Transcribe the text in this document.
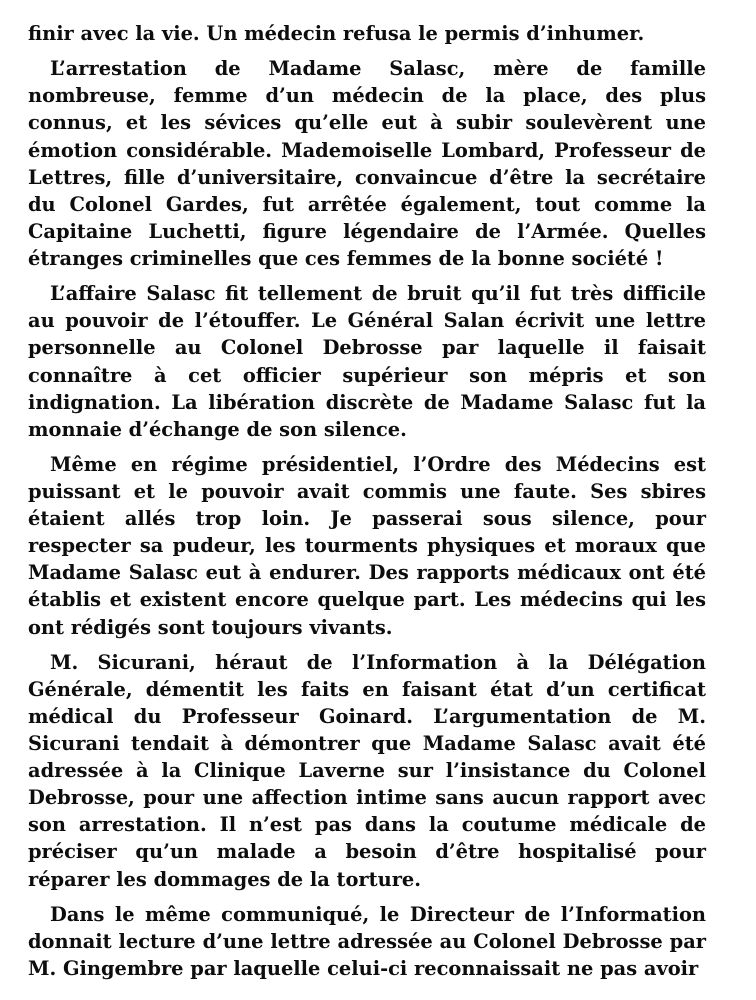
finir avec la vie. Un médecin refusa le permis d’inhumer.

L’arrestation de Madame Salasc, mère de famille nombreuse, femme d’un médecin de la place, des plus connus, et les sévices qu’elle eut à subir soulevèrent une émotion considérable. Mademoiselle Lombard, Professeur de Lettres, fille d’universitaire, convaincue d’être la secrétaire du Colonel Gardes, fut arrêtée également, tout comme la Capitaine Luchetti, figure légendaire de l’Armée. Quelles étranges criminelles que ces femmes de la bonne société !

L’affaire Salasc fit tellement de bruit qu’il fut très difficile au pouvoir de l’étouffer. Le Général Salan écrivit une lettre personnelle au Colonel Debrosse par laquelle il faisait connaître à cet officier supérieur son mépris et son indignation. La libération discrète de Madame Salasc fut la monnaie d’échange de son silence.

Même en régime présidentiel, l’Ordre des Médecins est puissant et le pouvoir avait commis une faute. Ses sbires étaient allés trop loin. Je passerai sous silence, pour respecter sa pudeur, les tourments physiques et moraux que Madame Salasc eut à endurer. Des rapports médicaux ont été établis et existent encore quelque part. Les médecins qui les ont rédigés sont toujours vivants.

M. Sicurani, héraut de l’Information à la Délégation Générale, démentit les faits en faisant état d’un certificat médical du Professeur Goinard. L’argumentation de M. Sicurani tendait à démontrer que Madame Salasc avait été adressée à la Clinique Laverne sur l’insistance du Colonel Debrosse, pour une affection intime sans aucun rapport avec son arrestation. Il n’est pas dans la coutume médicale de préciser qu’un malade a besoin d’être hospitalisé pour réparer les dommages de la torture.

Dans le même communiqué, le Directeur de l’Information donnait lecture d’une lettre adressée au Colonel Debrosse par M. Gingembre par laquelle celui-ci reconnaissait ne pas avoir
